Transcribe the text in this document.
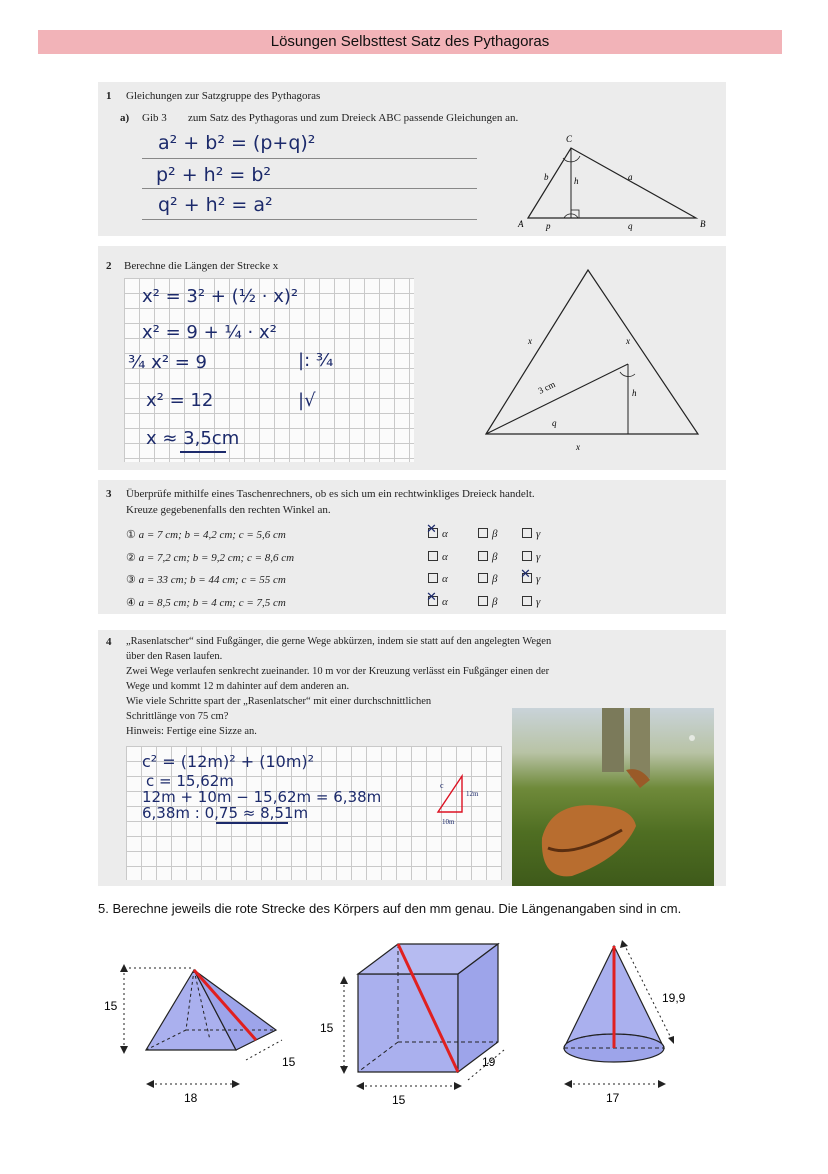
Lösungen Selbsttest Satz des Pythagoras
1 Gleichungen zur Satzgruppe des Pythagoras
a) Gib 3 zum Satz des Pythagoras und zum Dreieck ABC passende Gleichungen an.
a² + b² = (p+q)²
p² + h² = b²
q² + h² = a²
C
A	B
b	a
h
p	q
2 Berechne die Längen der Strecke x
x² = 3² + (½ · x)²
x² = 9 + ¼ · x²
¾ x² = 9
x² = 12
x ≈ 3,5cm
|: ¾
|√
x	x
x
3 cm	h
q
3 Überprüfe mithilfe eines Taschenrechners, ob es sich um ein rechtwinkliges Dreieck handelt.
Kreuze gegebenenfalls den rechten Winkel an.
① a = 7 cm; b = 4,2 cm; c = 5,6 cm
② a = 7,2 cm; b = 9,2 cm; c = 8,6 cm
③ a = 33 cm; b = 44 cm; c = 55 cm
④ a = 8,5 cm; b = 4 cm; c = 7,5 cm
✕α	β	γ
α	β	γ
α	β
✕	γ
✕α	β	γ
4 „Rasenlatscher“ sind Fußgänger, die gerne Wege abkürzen, indem sie statt auf den angelegten Wegen
über den Rasen laufen.
Zwei Wege verlaufen senkrecht zueinander. 10 m vor der Kreuzung verlässt ein Fußgänger einen der
Wege und kommt 12 m dahinter auf dem anderen an.
Wie viele Schritte spart der „Rasenlatscher“ mit einer durchschnittlichen
Schrittlänge von 75 cm?
Hinweis: Fertige eine Sizze an.
c² = (12m)² + (10m)²
c = 15,62m
12m + 10m − 15,62m = 6,38m
6,38m : 0,75 ≈ 8,51m
c
12m
10m
5. Berechne jeweils die rote Strecke des Körpers auf den mm genau. Die Längenangaben sind in cm.
15
15
18
15
19
15
19,9
17
